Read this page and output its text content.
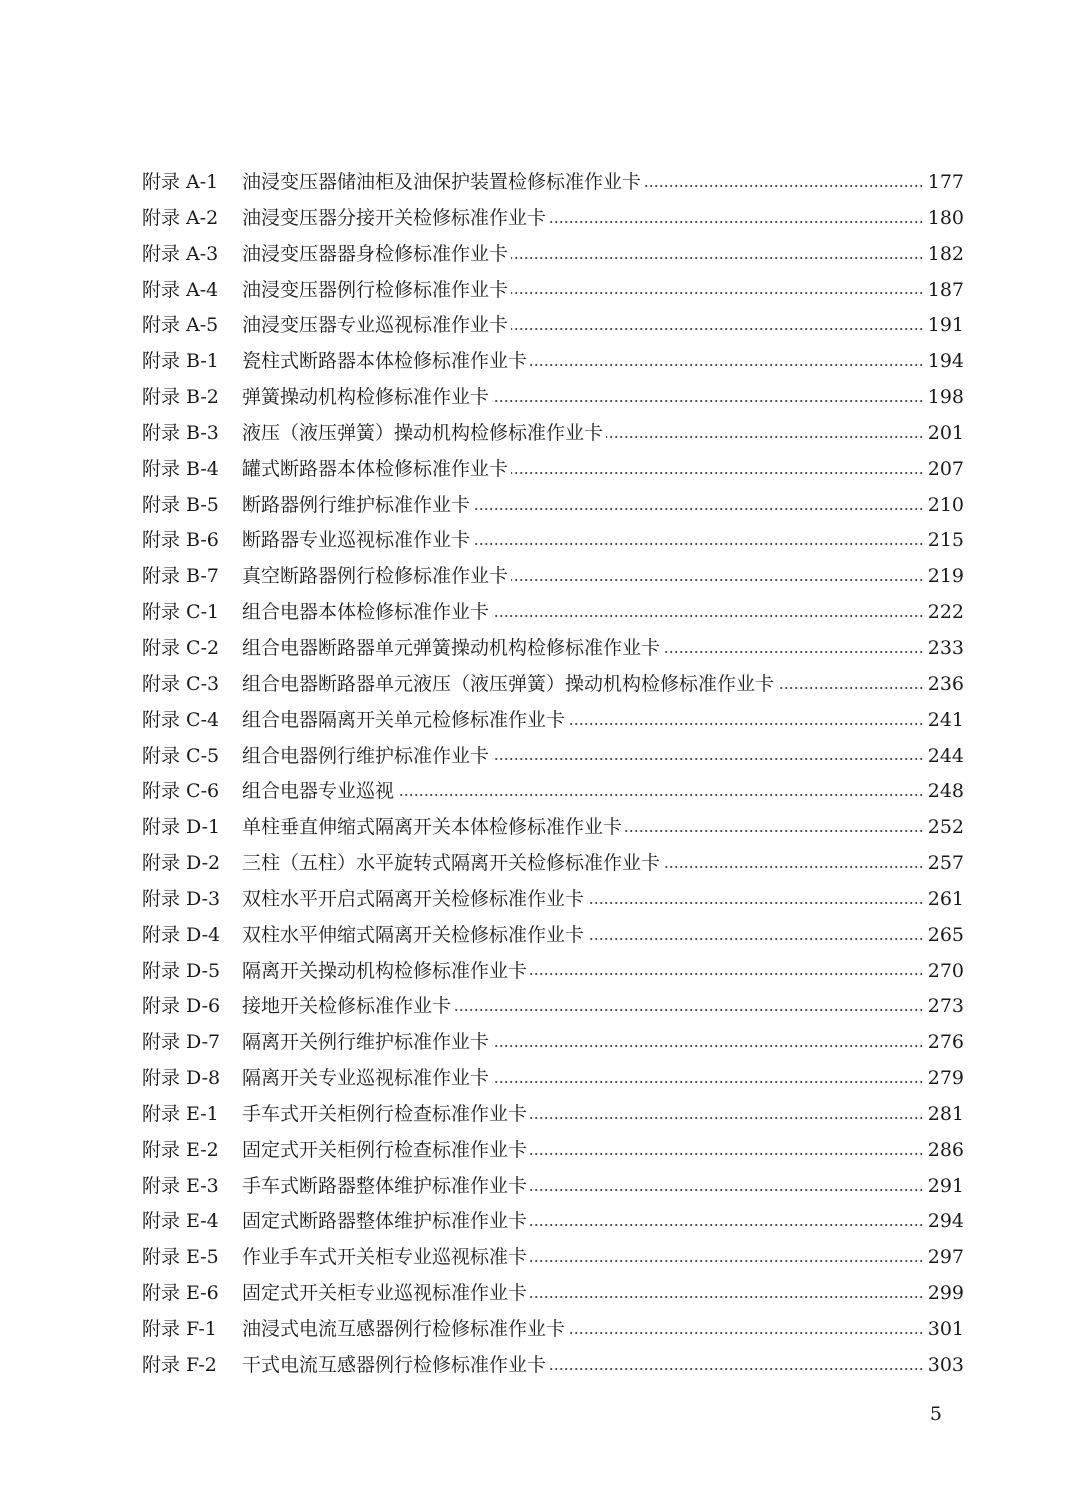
附录 A-1	油浸变压器储油柜及油保护装置检修标准作业卡	177
附录 A-2	油浸变压器分接开关检修标准作业卡	180
附录 A-3	油浸变压器器身检修标准作业卡	182
附录 A-4	油浸变压器例行检修标准作业卡	187
附录 A-5	油浸变压器专业巡视标准作业卡	191
附录 B-1	瓷柱式断路器本体检修标准作业卡	194
附录 B-2	弹簧操动机构检修标准作业卡	198
附录 B-3	液压（液压弹簧）操动机构检修标准作业卡	201
附录 B-4	罐式断路器本体检修标准作业卡	207
附录 B-5	断路器例行维护标准作业卡	210
附录 B-6	断路器专业巡视标准作业卡	215
附录 B-7	真空断路器例行检修标准作业卡	219
附录 C-1	组合电器本体检修标准作业卡	222
附录 C-2	组合电器断路器单元弹簧操动机构检修标准作业卡	233
附录 C-3	组合电器断路器单元液压（液压弹簧）操动机构检修标准作业卡	236
附录 C-4	组合电器隔离开关单元检修标准作业卡	241
附录 C-5	组合电器例行维护标准作业卡	244
附录 C-6	组合电器专业巡视	248
附录 D-1	单柱垂直伸缩式隔离开关本体检修标准作业卡	252
附录 D-2	三柱（五柱）水平旋转式隔离开关检修标准作业卡	257
附录 D-3	双柱水平开启式隔离开关检修标准作业卡	261
附录 D-4	双柱水平伸缩式隔离开关检修标准作业卡	265
附录 D-5	隔离开关操动机构检修标准作业卡	270
附录 D-6	接地开关检修标准作业卡	273
附录 D-7	隔离开关例行维护标准作业卡	276
附录 D-8	隔离开关专业巡视标准作业卡	279
附录 E-1	手车式开关柜例行检查标准作业卡	281
附录 E-2	固定式开关柜例行检查标准作业卡	286
附录 E-3	手车式断路器整体维护标准作业卡	291
附录 E-4	固定式断路器整体维护标准作业卡	294
附录 E-5	作业手车式开关柜专业巡视标准卡	297
附录 E-6	固定式开关柜专业巡视标准作业卡	299
附录 F-1	油浸式电流互感器例行检修标准作业卡	301
附录 F-2	干式电流互感器例行检修标准作业卡	303
5
